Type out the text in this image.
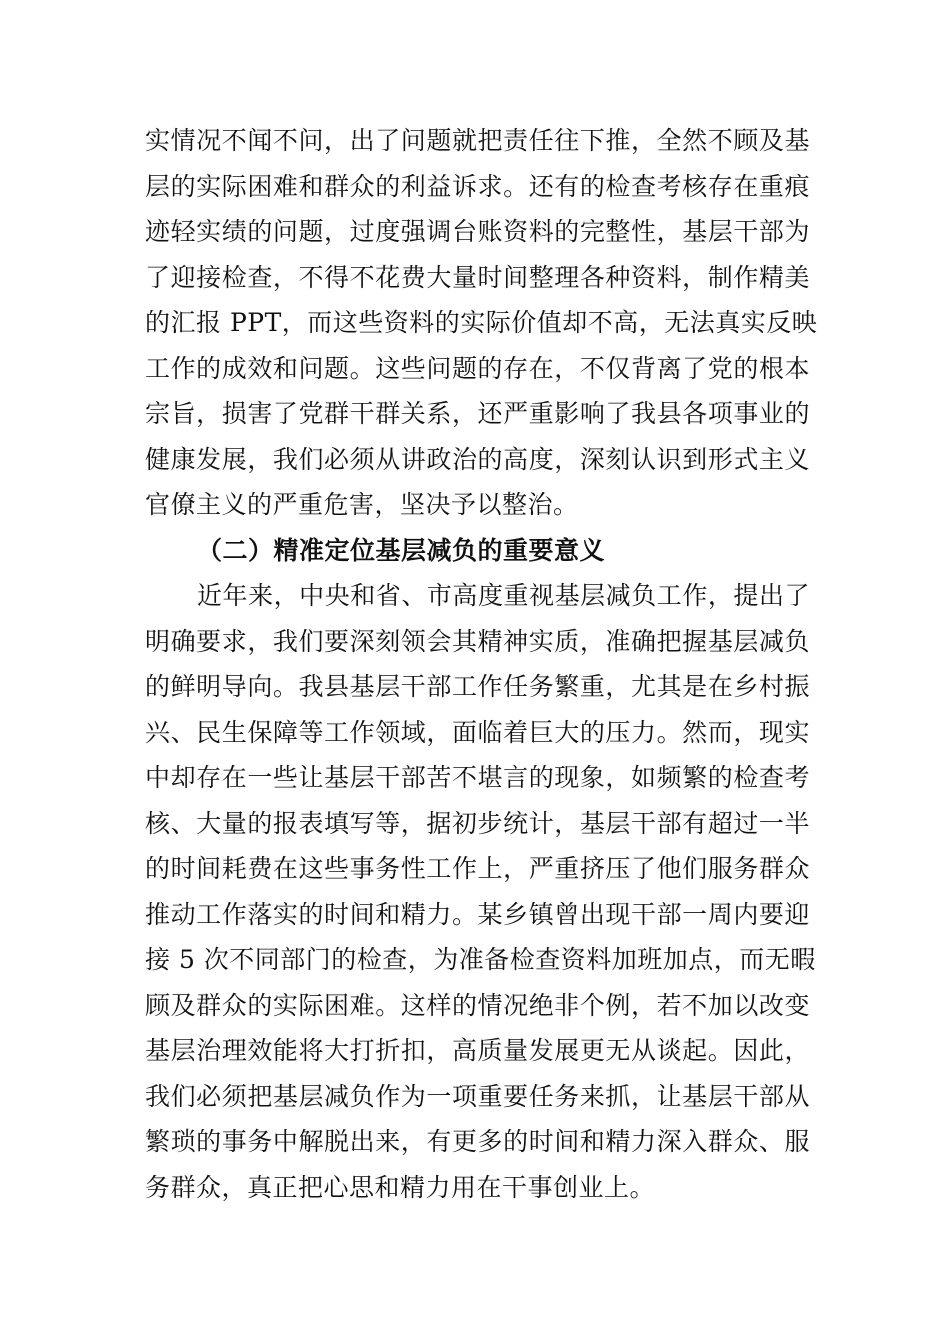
实情况不闻不问，出了问题就把责任往下推，全然不顾及基
层的实际困难和群众的利益诉求。还有的检查考核存在重痕
迹轻实绩的问题，过度强调台账资料的完整性，基层干部为
了迎接检查，不得不花费大量时间整理各种资料，制作精美
的汇报 PPT，而这些资料的实际价值却不高，无法真实反映
工作的成效和问题。这些问题的存在，不仅背离了党的根本
宗旨，损害了党群干群关系，还严重影响了我县各项事业的
健康发展，我们必须从讲政治的高度，深刻认识到形式主义
官僚主义的严重危害，坚决予以整治。
（二）精准定位基层减负的重要意义
近年来，中央和省、市高度重视基层减负工作，提出了
明确要求，我们要深刻领会其精神实质，准确把握基层减负
的鲜明导向。我县基层干部工作任务繁重，尤其是在乡村振
兴、民生保障等工作领域，面临着巨大的压力。然而，现实
中却存在一些让基层干部苦不堪言的现象，如频繁的检查考
核、大量的报表填写等，据初步统计，基层干部有超过一半
的时间耗费在这些事务性工作上，严重挤压了他们服务群众
推动工作落实的时间和精力。某乡镇曾出现干部一周内要迎
接 5 次不同部门的检查，为准备检查资料加班加点，而无暇
顾及群众的实际困难。这样的情况绝非个例，若不加以改变
基层治理效能将大打折扣，高质量发展更无从谈起。因此，
我们必须把基层减负作为一项重要任务来抓，让基层干部从
繁琐的事务中解脱出来，有更多的时间和精力深入群众、服
务群众，真正把心思和精力用在干事创业上。
